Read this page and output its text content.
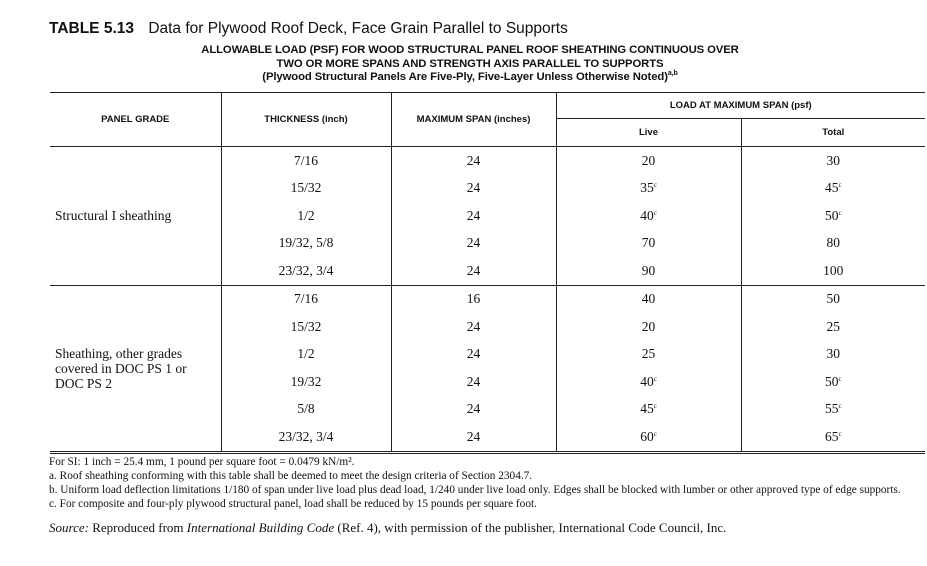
TABLE 5.13 Data for Plywood Roof Deck, Face Grain Parallel to Supports
ALLOWABLE LOAD (PSF) FOR WOOD STRUCTURAL PANEL ROOF SHEATHING CONTINUOUS OVER
TWO OR MORE SPANS AND STRENGTH AXIS PARALLEL TO SUPPORTS
(Plywood Structural Panels Are Five-Ply, Five-Layer Unless Otherwise Noted)$^{a,b}$
PANEL GRADE	THICKNESS (inch)	MAXIMUM SPAN (inches)	LOAD AT MAXIMUM SPAN (psf)	
			Live	Total
Structural I sheathing	7/16	24	20	30
	15/32	24	35$^c$	45$^c$
	1/2	24	40$^c$	50$^c$
	19/32, 5/8	24	70	80
	23/32, 3/4	24	90	100

Sheathing, other grades
covered in DOC PS 1 or
DOC PS 2	7/16	16	40	50
	15/32	24	20	25
	1/2	24	25	30
	19/32	24	40$^c$	50$^c$
	5/8	24	45$^c$	55$^c$
	23/32, 3/4	24	60$^c$	65$^c$

For SI: 1 inch = 25.4 mm, 1 pound per square foot = 0.0479 kN/m².

a. Roof sheathing conforming with this table shall be deemed to meet the design criteria of Section 2304.7.

b. Uniform load deflection limitations 1/180 of span under live load plus dead load, 1/240 under live load only. Edges shall be blocked with lumber or other approved type of edge supports.

c. For composite and four-ply plywood structural panel, load shall be reduced by 15 pounds per square foot.

Source: Reproduced from International Building Code (Ref. 4), with permission of the publisher, International Code Council, Inc.
